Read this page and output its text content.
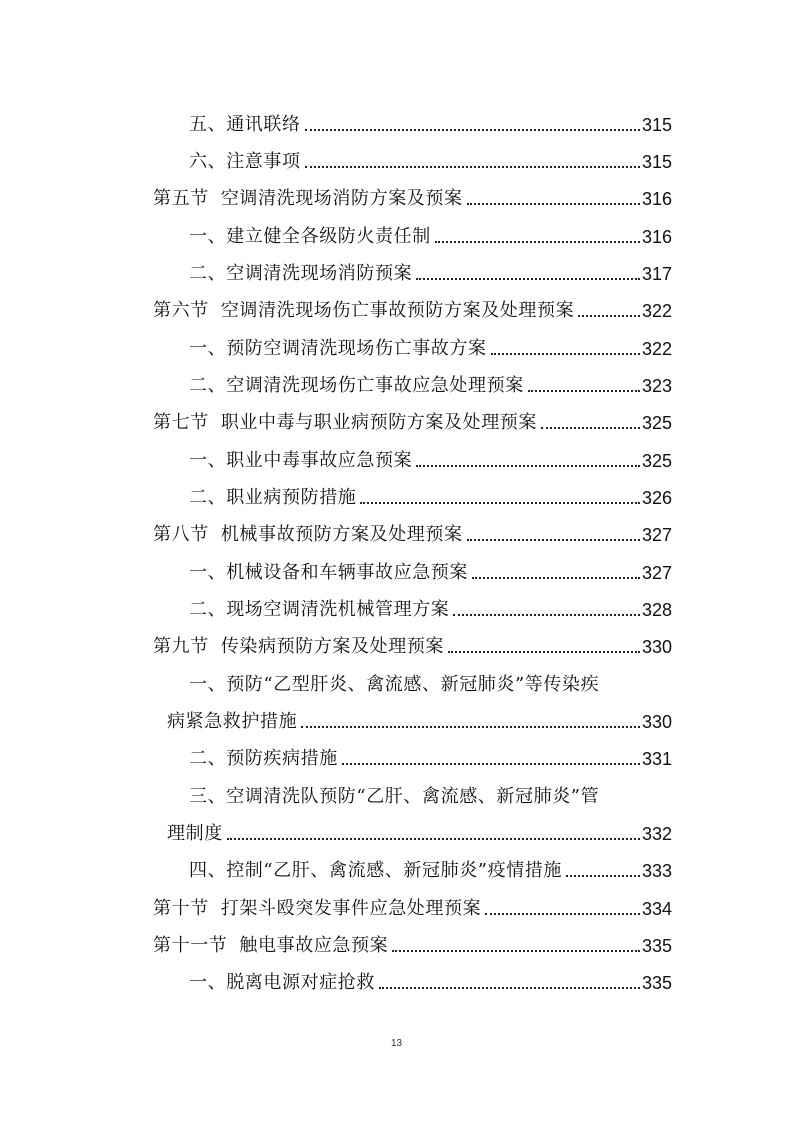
五、通讯联络	315
六、注意事项	315
第五节 空调清洗现场消防方案及预案	316
一、建立健全各级防火责任制	316
二、空调清洗现场消防预案	317
第六节 空调清洗现场伤亡事故预防方案及处理预案	322
一、预防空调清洗现场伤亡事故方案	322
二、空调清洗现场伤亡事故应急处理预案	323
第七节 职业中毒与职业病预防方案及处理预案	325
一、职业中毒事故应急预案	325
二、职业病预防措施	326
第八节 机械事故预防方案及处理预案	327
一、机械设备和车辆事故应急预案	327
二、现场空调清洗机械管理方案	328
第九节 传染病预防方案及处理预案	330
一、预防“乙型肝炎、禽流感、新冠肺炎”等传染疾
病紧急救护措施	330
二、预防疾病措施	331
三、空调清洗队预防“乙肝、禽流感、新冠肺炎”管
理制度	332
四、控制“乙肝、禽流感、新冠肺炎”疫情措施	333
第十节 打架斗殴突发事件应急处理预案	334
第十一节 触电事故应急预案	335
一、脱离电源对症抢救	335
13
